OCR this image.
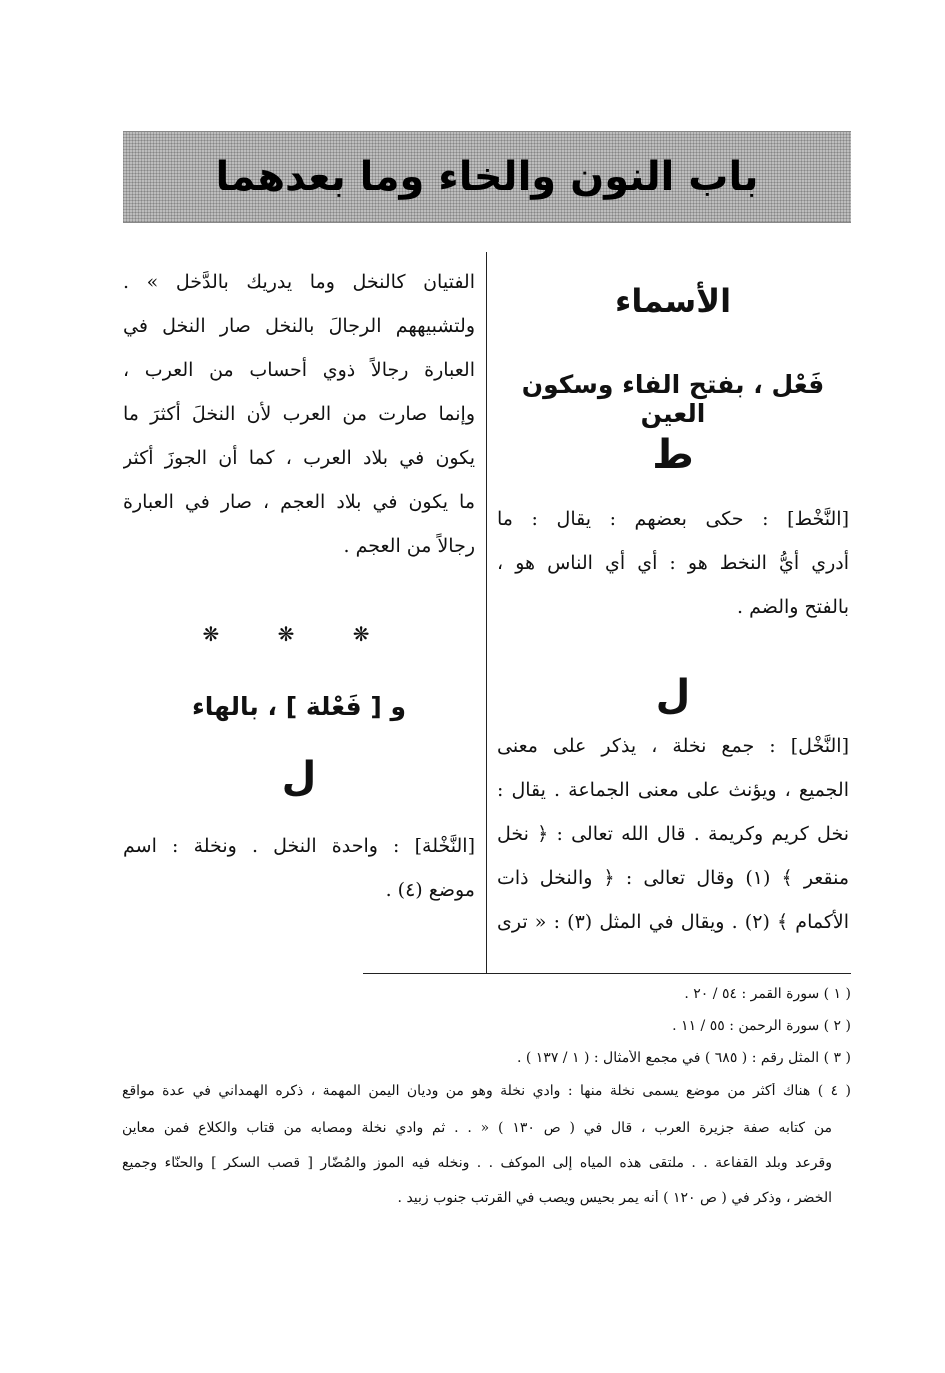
باب النون والخاء وما بعدهما
الأسماء
فَعْل ، بفتح الفاء وسكون العين
ط
[النَّخْط] : حكى بعضهم : يقال : ما
أدري أيُّ النخط هو : أي أي الناس هو ،
بالفتح والضم .
ل
[النَّخْل] : جمع نخلة ، يذكر على معنى
الجميع ، ويؤنث على معنى الجماعة . يقال :
نخل كريم وكريمة . قال الله تعالى : ﴿ نخل
منقعر ﴾ (١) وقال تعالى : ﴿ والنخل ذات
الأكمام ﴾ (٢) . ويقال في المثل (٣) : « ترى
الفتيان كالنخل وما يدريك بالدَّخل » .
ولتشبيههم الرجالَ بالنخل صار النخل في
العبارة رجالاً ذوي أحساب من العرب ،
وإنما صارت من العرب لأن النخلَ أكثرَ ما
يكون في بلاد العرب ، كما أن الجوزَ أكثر
ما يكون في بلاد العجم ، صار في العبارة
رجالاً من العجم .
❋ ❋ ❋
و [ فَعْلة ] ، بالهاء
ل
[النَّخْلة] : واحدة النخل . ونخلة : اسم
موضع (٤) .
( ١ ) سورة القمر : ٥٤ / ٢٠ .
( ٢ ) سورة الرحمن : ٥٥ / ١١ .
( ٣ ) المثل رقم : ( ٦٨٥ ) في مجمع الأمثال : ( ١ / ١٣٧ ) .
( ٤ ) هناك أكثر من موضع يسمى نخلة منها : وادي نخلة وهو من وديان اليمن المهمة ، ذكره الهمداني في عدة مواقع
من كتابه صفة جزيرة العرب ، قال في ( ص ١٣٠ ) « . . ثم وادي نخلة ومصابه من قتاب والكلاع فمن معاين
وقرعد وبلد القفاعة . . ملتقى هذه المياه إلى الموكف . . ونخله فيه الموز والمُضّار [ قصب السكر ] والحنّاء وجميع
الخضر ، وذكر في ( ص ١٢٠ ) أنه يمر بحيس ويصب في القرتب جنوب زبيد .
